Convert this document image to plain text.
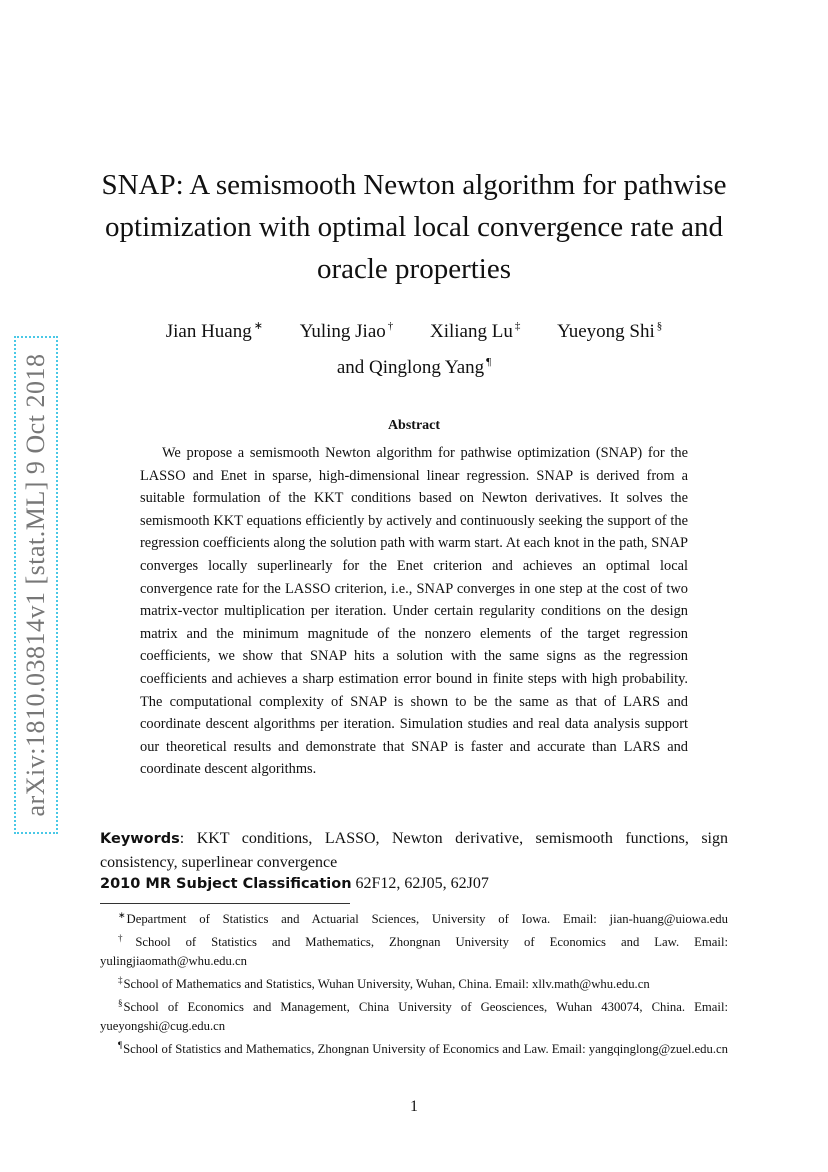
arXiv:1810.03814v1 [stat.ML] 9 Oct 2018
SNAP: A semismooth Newton algorithm for pathwise
optimization with optimal local convergence rate and
oracle properties
Jian Huang ∗ Yuling Jiao † Xiliang Lu ‡ Yueyong Shi §
and Qinglong Yang ¶
Abstract

We propose a semismooth Newton algorithm for pathwise optimization (SNAP) for the LASSO and Enet in sparse, high-dimensional linear regression. SNAP is derived from a suitable formulation of the KKT conditions based on Newton derivatives. It solves the semismooth KKT equations efficiently by actively and continuously seeking the support of the regression coefficients along the solution path with warm start. At each knot in the path, SNAP converges locally superlinearly for the Enet criterion and achieves an optimal local convergence rate for the LASSO criterion, i.e., SNAP converges in one step at the cost of two matrix-vector multiplication per iteration. Under certain regularity conditions on the design matrix and the minimum magnitude of the nonzero elements of the target regression coefficients, we show that SNAP hits a solution with the same signs as the regression coefficients and achieves a sharp estimation error bound in finite steps with high probability. The computational complexity of SNAP is shown to be the same as that of LARS and coordinate descent algorithms per iteration. Simulation studies and real data analysis support our theoretical results and demonstrate that SNAP is faster and accurate than LARS and coordinate descent algorithms.

Keywords: KKT conditions, LASSO, Newton derivative, semismooth functions, sign consistency, superlinear convergence

2010 MR Subject Classification 62F12, 62J05, 62J07

∗Department of Statistics and Actuarial Sciences, University of Iowa. Email: jian-huang@uiowa.edu

†School of Statistics and Mathematics, Zhongnan University of Economics and Law. Email: yulingjiaomath@whu.edu.cn

‡School of Mathematics and Statistics, Wuhan University, Wuhan, China. Email: xllv.math@whu.edu.cn

§School of Economics and Management, China University of Geosciences, Wuhan 430074, China. Email: yueyongshi@cug.edu.cn

¶School of Statistics and Mathematics, Zhongnan University of Economics and Law. Email: yangqinglong@zuel.edu.cn

1
